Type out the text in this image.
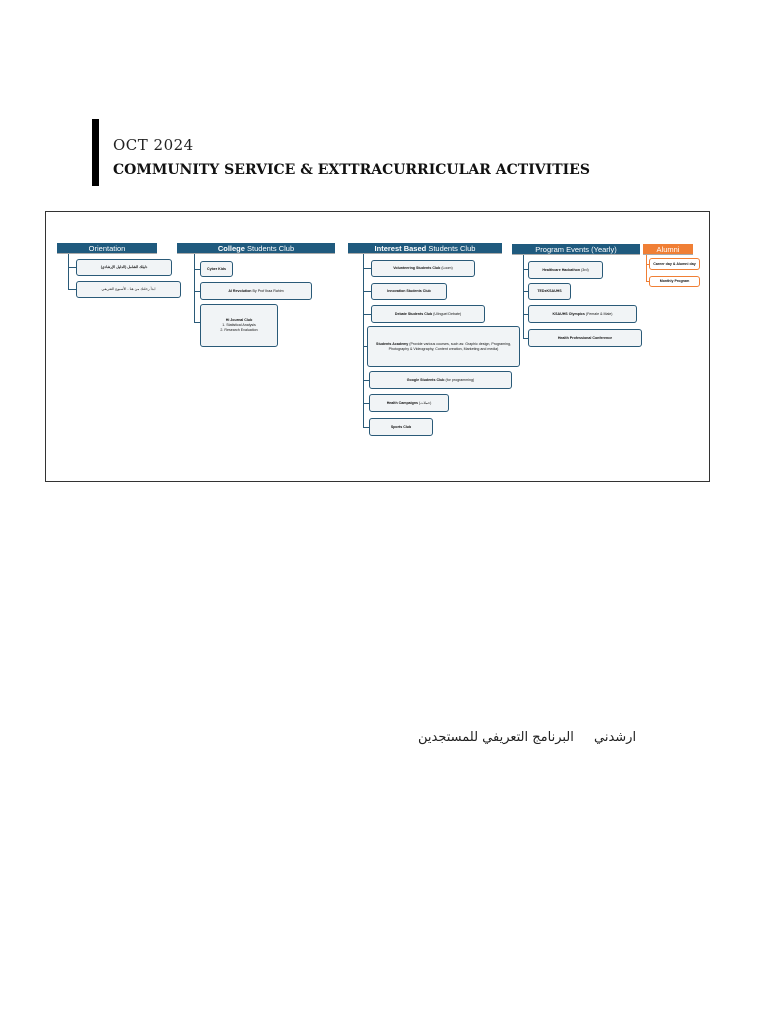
OCT 2024
COMMUNITY SERVICE & EXTTRACURRICULAR ACTIVITIES
Orientation
دليلك الشامل (الدليل الإرشادي)
ابدأ رحلتك من هنا - الأسبوع التعريفي
College Students Club
Cyber Kids
AI Revolution By Prof Ibaa Rahim
Hi Journal Club
1. Statistical Analysis
2. Research Evaluation
Interest Based Students Club
Volunteering Students Club (Loom)
Innovation Students Club
Debate Students Club (Ulinguel Debate)
Students Academy (Provide various courses, such as: Graphic design, Programing, Photography & Videography, Content creation, Marketing and media)
Google Students Club (for programming)
Health Campaigns (حملات)
Sports Club
Program Events (Yearly)
Healthcare Hackathon (3rd)
TEDxKSAUHS
KSAUHS Olympics (Female & Male)
Health Professional Conference
Alumni
Career day & Alumni day
Monthly Program
البرنامج التعريفي للمستجدين ارشدني
